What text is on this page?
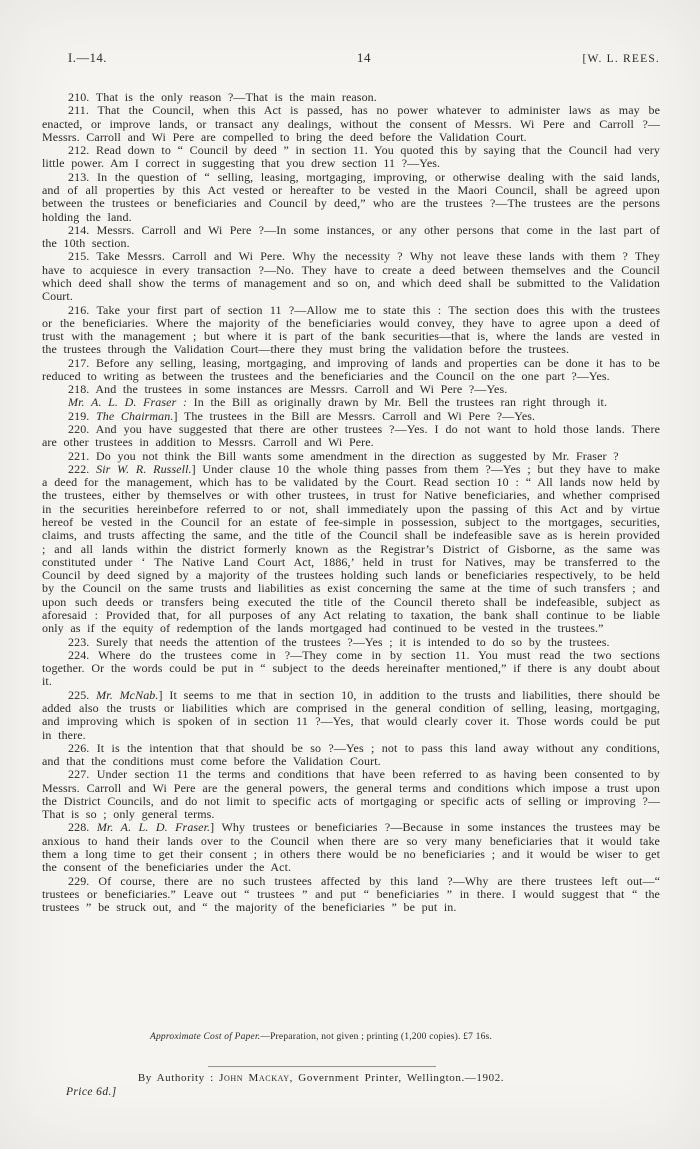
I.—14.	14	[W. L. REES.

210. That is the only reason ?—That is the main reason.

211. That the Council, when this Act is passed, has no power whatever to administer laws as may be enacted, or improve lands, or transact any dealings, without the consent of Messrs. Wi Pere and Carroll ?—Messrs. Carroll and Wi Pere are compelled to bring the deed before the Validation Court.

212. Read down to “ Council by deed ” in section 11. You quoted this by saying that the Council had very little power. Am I correct in suggesting that you drew section 11 ?—Yes.

213. In the question of “ selling, leasing, mortgaging, improving, or otherwise dealing with the said lands, and of all properties by this Act vested or hereafter to be vested in the Maori Council, shall be agreed upon between the trustees or beneficiaries and Council by deed,” who are the trustees ?—The trustees are the persons holding the land.

214. Messrs. Carroll and Wi Pere ?—In some instances, or any other persons that come in the last part of the 10th section.

215. Take Messrs. Carroll and Wi Pere. Why the necessity ? Why not leave these lands with them ? They have to acquiesce in every transaction ?—No. They have to create a deed between themselves and the Council which deed shall show the terms of management and so on, and which deed shall be submitted to the Validation Court.

216. Take your first part of section 11 ?—Allow me to state this : The section does this with the trustees or the beneficiaries. Where the majority of the beneficiaries would convey, they have to agree upon a deed of trust with the management ; but where it is part of the bank securities—that is, where the lands are vested in the trustees through the Validation Court—there they must bring the validation before the trustees.

217. Before any selling, leasing, mortgaging, and improving of lands and properties can be done it has to be reduced to writing as between the trustees and the beneficiaries and the Council on the one part ?—Yes.

218. And the trustees in some instances are Messrs. Carroll and Wi Pere ?—Yes.

Mr. A. L. D. Fraser : In the Bill as originally drawn by Mr. Bell the trustees ran right through it.

219. The Chairman.] The trustees in the Bill are Messrs. Carroll and Wi Pere ?—Yes.

220. And you have suggested that there are other trustees ?—Yes. I do not want to hold those lands. There are other trustees in addition to Messrs. Carroll and Wi Pere.

221. Do you not think the Bill wants some amendment in the direction as suggested by Mr. Fraser ?

222. Sir W. R. Russell.] Under clause 10 the whole thing passes from them ?—Yes ; but they have to make a deed for the management, which has to be validated by the Court. Read section 10 : “ All lands now held by the trustees, either by themselves or with other trustees, in trust for Native beneficiaries, and whether comprised in the securities hereinbefore referred to or not, shall immediately upon the passing of this Act and by virtue hereof be vested in the Council for an estate of fee-simple in possession, subject to the mortgages, securities, claims, and trusts affecting the same, and the title of the Council shall be indefeasible save as is herein provided ; and all lands within the district formerly known as the Registrar’s District of Gisborne, as the same was constituted under ‘ The Native Land Court Act, 1886,’ held in trust for Natives, may be transferred to the Council by deed signed by a majority of the trustees holding such lands or beneficiaries respectively, to be held by the Council on the same trusts and liabilities as exist concerning the same at the time of such transfers ; and upon such deeds or transfers being executed the title of the Council thereto shall be indefeasible, subject as aforesaid : Provided that, for all purposes of any Act relating to taxation, the bank shall continue to be liable only as if the equity of redemption of the lands mortgaged had continued to be vested in the trustees.”

223. Surely that needs the attention of the trustees ?—Yes ; it is intended to do so by the trustees.

224. Where do the trustees come in ?—They come in by section 11. You must read the two sections together. Or the words could be put in “ subject to the deeds hereinafter mentioned,” if there is any doubt about it.

225. Mr. McNab.] It seems to me that in section 10, in addition to the trusts and liabilities, there should be added also the trusts or liabilities which are comprised in the general condition of selling, leasing, mortgaging, and improving which is spoken of in section 11 ?—Yes, that would clearly cover it. Those words could be put in there.

226. It is the intention that that should be so ?—Yes ; not to pass this land away without any conditions, and that the conditions must come before the Validation Court.

227. Under section 11 the terms and conditions that have been referred to as having been consented to by Messrs. Carroll and Wi Pere are the general powers, the general terms and conditions which impose a trust upon the District Councils, and do not limit to specific acts of mortgaging or specific acts of selling or improving ?—That is so ; only general terms.

228. Mr. A. L. D. Fraser.] Why trustees or beneficiaries ?—Because in some instances the trustees may be anxious to hand their lands over to the Council when there are so very many beneficiaries that it would take them a long time to get their consent ; in others there would be no beneficiaries ; and it would be wiser to get the consent of the beneficiaries under the Act.

229. Of course, there are no such trustees affected by this land ?—Why are there trustees left out—“ trustees or beneficiaries.” Leave out “ trustees ” and put “ beneficiaries ” in there. I would suggest that “ the trustees ” be struck out, and “ the majority of the beneficiaries ” be put in.

Approximate Cost of Paper.—Preparation, not given ; printing (1,200 copies). £7 16s.
By Authority : John Mackay, Government Printer, Wellington.—1902.
Price 6d.]
